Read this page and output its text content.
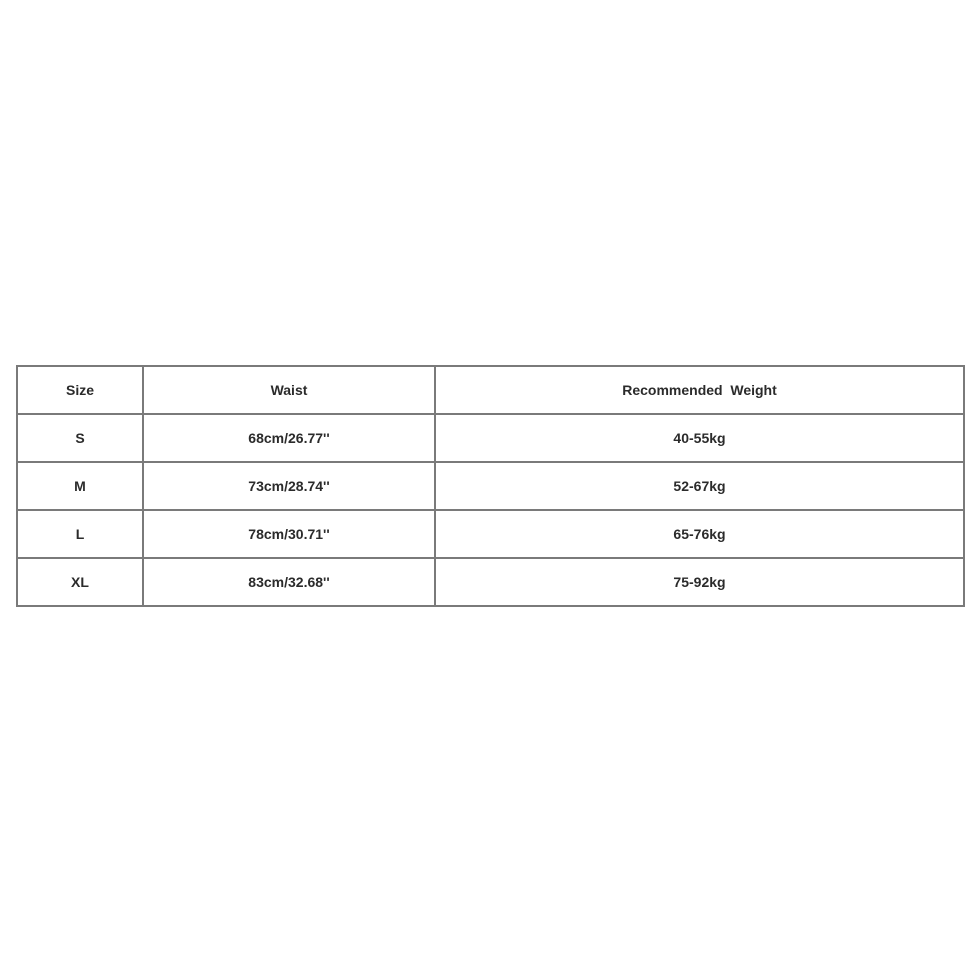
Size	Waist	Recommended  Weight
S	68cm/26.77''	40-55kg
M	73cm/28.74''	52-67kg
L	78cm/30.71''	65-76kg
XL	83cm/32.68''	75-92kg
